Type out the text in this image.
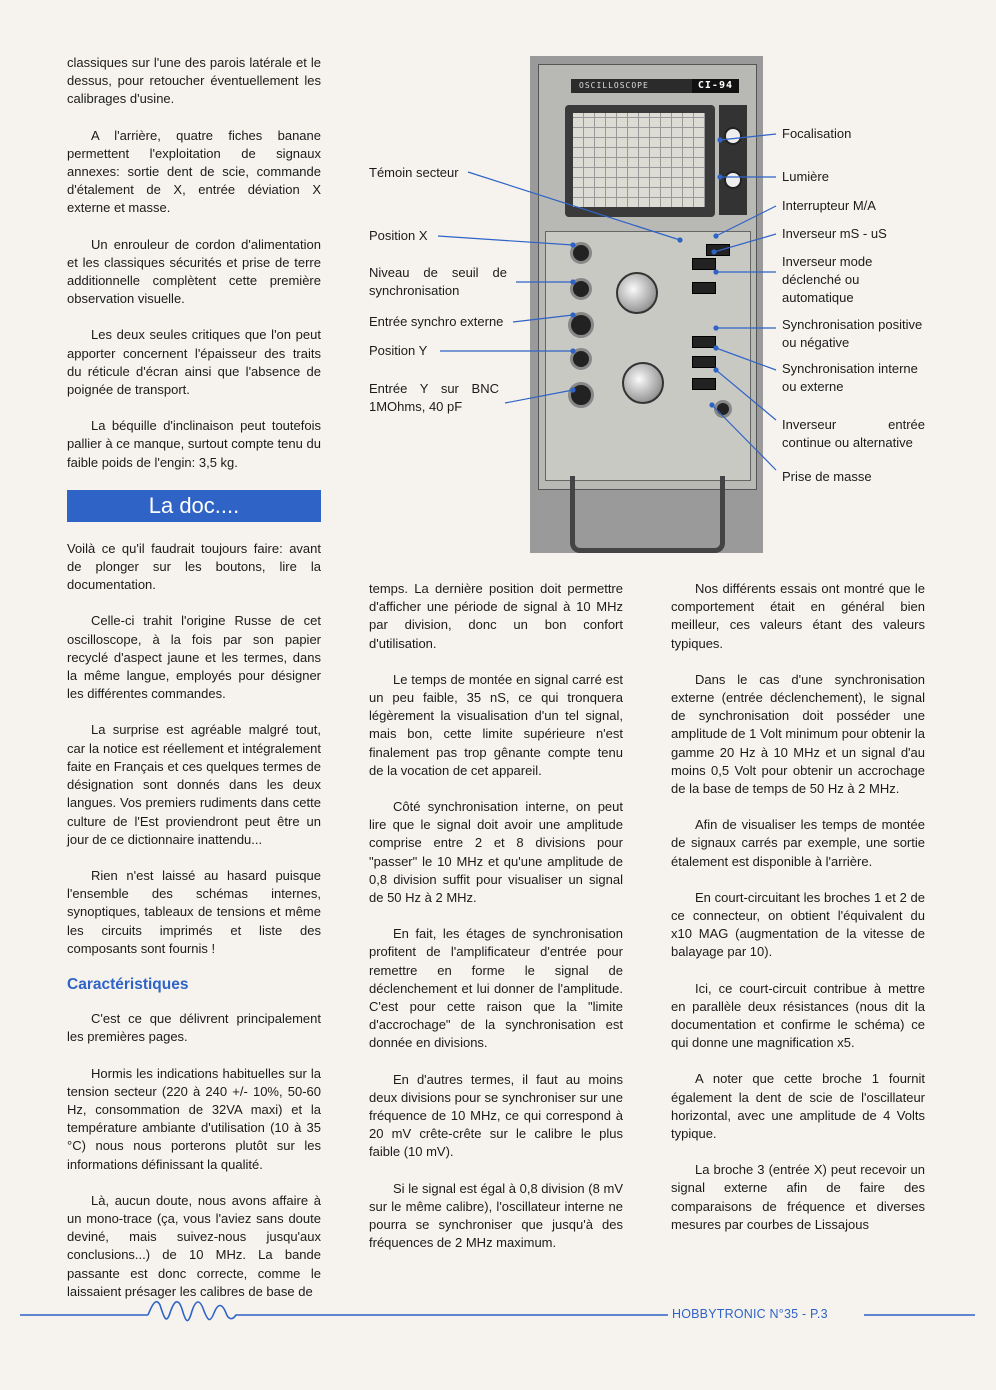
classiques sur l'une des parois latérale et le dessus, pour retoucher éventuellement les calibrages d'usine.

A l'arrière, quatre fiches banane permettent l'exploitation de signaux annexes: sortie dent de scie, commande d'étalement de X, entrée déviation X externe et masse.

Un enrouleur de cordon d'alimentation et les classiques sécurités et prise de terre additionnelle complètent cette première observation visuelle.

Les deux seules critiques que l'on peut apporter concernent l'épaisseur des traits du réticule d'écran ainsi que l'absence de poignée de transport.

La béquille d'inclinaison peut toutefois pallier à ce manque, surtout compte tenu du faible poids de l'engin: 3,5 kg.

La doc....

Voilà ce qu'il faudrait toujours faire: avant de plonger sur les boutons, lire la documentation.

Celle-ci trahit l'origine Russe de cet oscilloscope, à la fois par son papier recyclé d'aspect jaune et les termes, dans la même langue, employés pour désigner les différentes commandes.

La surprise est agréable malgré tout, car la notice est réellement et intégralement faite en Français et ces quelques termes de désignation sont donnés dans les deux langues. Vos premiers rudiments dans cette culture de l'Est proviendront peut être un jour de ce dictionnaire inattendu...

Rien n'est laissé au hasard puisque l'ensemble des schémas internes, synoptiques, tableaux de tensions et même les circuits imprimés et liste des composants sont fournis !

Caractéristiques

C'est ce que délivrent principalement les premières pages.

Hormis les indications habituelles sur la tension secteur (220 à 240 +/- 10%, 50-60 Hz, consommation de 32VA maxi) et la température ambiante d'utilisation (10 à 35 °C) nous nous porterons plutôt sur les informations définissant la qualité.

Là, aucun doute, nous avons affaire à un mono-trace (ça, vous l'aviez sans doute deviné, mais suivez-nous jusqu'aux conclusions...) de 10 MHz. La bande passante est donc correcte, comme le laissaient présager les calibres de base de

OSCILLOSCOPE	CI-94
Témoin secteur
Position X
Niveau de seuil de synchronisation
Entrée synchro externe
Position Y
Entrée Y sur BNC 1MOhms, 40 pF
Focalisation
Lumière
Interrupteur M/A
Inverseur mS - uS
Inverseur mode déclenché ou automatique
Synchronisation positive ou négative
Synchronisation interne ou externe
Inverseur entrée continue ou alternative
Prise de masse

temps. La dernière position doit permettre d'afficher une période de signal à 10 MHz par division, donc un bon confort d'utilisation.

Le temps de montée en signal carré est un peu faible, 35 nS, ce qui tronquera légèrement la visualisation d'un tel signal, mais bon, cette limite supérieure n'est finalement pas trop gênante compte tenu de la vocation de cet appareil.

Côté synchronisation interne, on peut lire que le signal doit avoir une amplitude comprise entre 2 et 8 divisions pour "passer" le 10 MHz et qu'une amplitude de 0,8 division suffit pour visualiser un signal de 50 Hz à 2 MHz.

En fait, les étages de synchronisation profitent de l'amplificateur d'entrée pour remettre en forme le signal de déclenchement et lui donner de l'amplitude. C'est pour cette raison que la "limite d'accrochage" de la synchronisation est donnée en divisions.

En d'autres termes, il faut au moins deux divisions pour se synchroniser sur une fréquence de 10 MHz, ce qui correspond à 20 mV crête-crête sur le calibre le plus faible (10 mV).

Si le signal est égal à 0,8 division (8 mV sur le même calibre), l'oscillateur interne ne pourra se synchroniser que jusqu'à des fréquences de 2 MHz maximum.

Nos différents essais ont montré que le comportement était en général bien meilleur, ces valeurs étant des valeurs typiques.

Dans le cas d'une synchronisation externe (entrée déclenchement), le signal de synchronisation doit posséder une amplitude de 1 Volt minimum pour obtenir la gamme 20 Hz à 10 MHz et un signal d'au moins 0,5 Volt pour obtenir un accrochage de la base de temps de 50 Hz à 2 MHz.

Afin de visualiser les temps de montée de signaux carrés par exemple, une sortie étalement est disponible à l'arrière.

En court-circuitant les broches 1 et 2 de ce connecteur, on obtient l'équivalent du x10 MAG (augmentation de la vitesse de balayage par 10).

Ici, ce court-circuit contribue à mettre en parallèle deux résistances (nous dit la documentation et confirme le schéma) ce qui donne une magnification x5.

A noter que cette broche 1 fournit également la dent de scie de l'oscillateur horizontal, avec une amplitude de 4 Volts typique.

La broche 3 (entrée X) peut recevoir un signal externe afin de faire des comparaisons de fréquence et diverses mesures par courbes de Lissajous

HOBBYTRONIC N°35 - P.3
